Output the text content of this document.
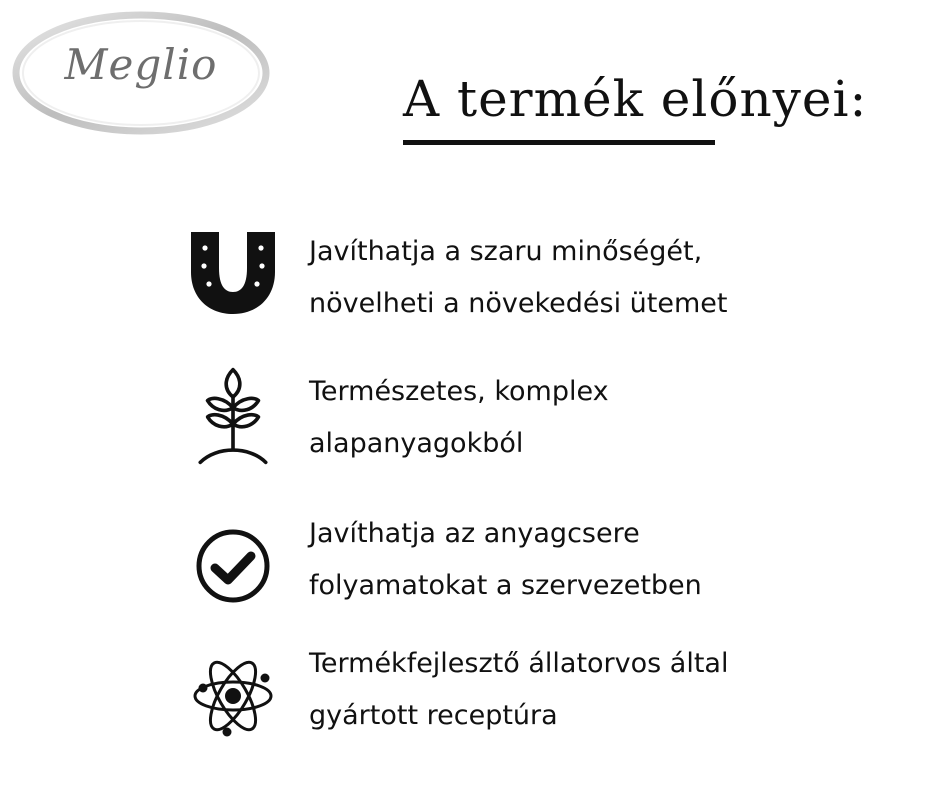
Meglio
A termék előnyei:
Javíthatja a szaru minőségét,
növelheti a növekedési ütemet
Természetes, komplex
alapanyagokból
Javíthatja az anyagcsere
folyamatokat a szervezetben
Termékfejlesztő állatorvos által
gyártott receptúra
